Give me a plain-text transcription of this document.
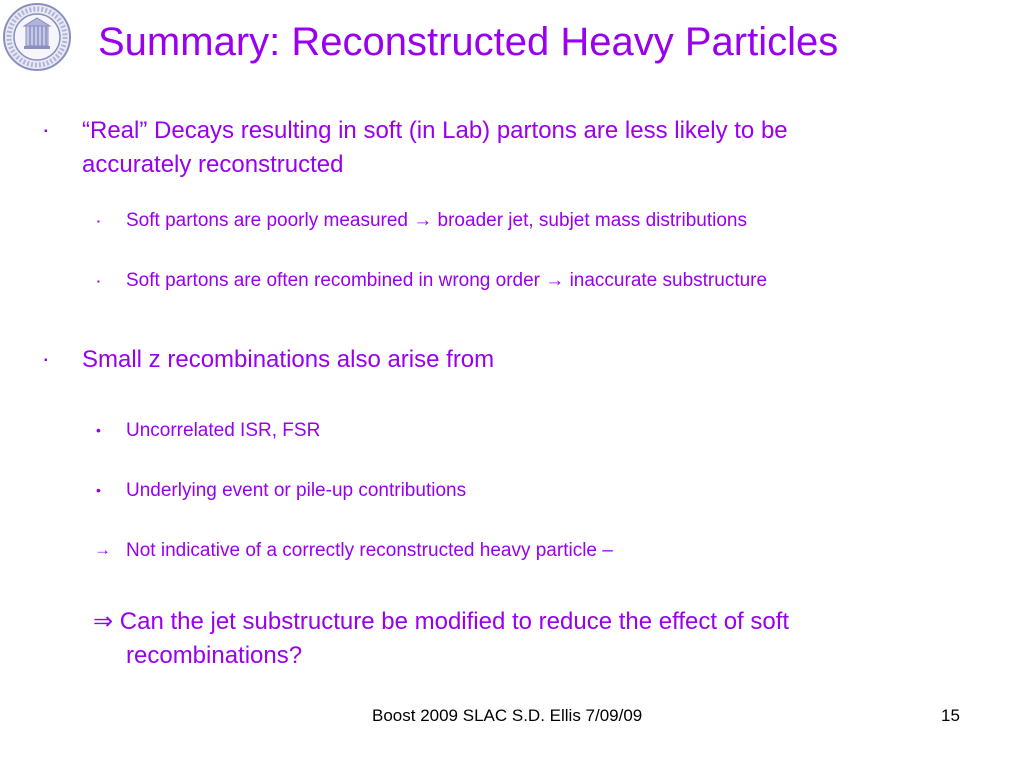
Summary: Reconstructed Heavy Particles
▪ “Real” Decays resulting in soft (in Lab) partons are less likely to be
accurately reconstructed
▪ Soft partons are poorly measured → broader jet, subjet mass distributions
▪ Soft partons are often recombined in wrong order → inaccurate substructure
▪ Small z recombinations also arise from
• Uncorrelated ISR, FSR
• Underlying event or pile-up contributions
→ Not indicative of a correctly reconstructed heavy particle –
⇒ Can the jet substructure be modified to reduce the effect of soft
recombinations?
Boost 2009 SLAC S.D. Ellis 7/09/09	15
